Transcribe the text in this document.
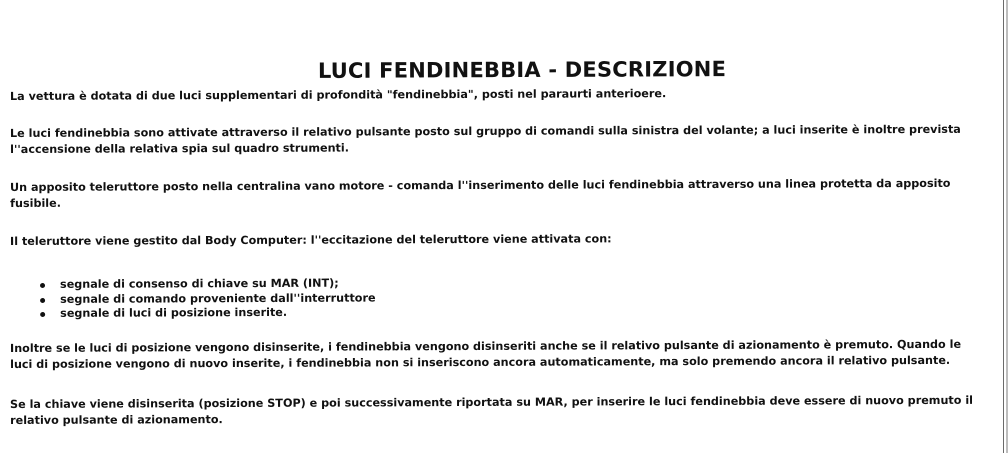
LUCI FENDINEBBIA - DESCRIZIONE

La vettura è dotata di due luci supplementari di profondità "fendinebbia", posti nel paraurti anterioere.

Le luci fendinebbia sono attivate attraverso il relativo pulsante posto sul gruppo di comandi sulla sinistra del volante; a luci inserite è inoltre prevista l''accensione della relativa spia sul quadro strumenti.

Un apposito teleruttore posto nella centralina vano motore - comanda l''inserimento delle luci fendinebbia attraverso una linea protetta da apposito fusibile.

Il teleruttore viene gestito dal Body Computer: l''eccitazione del teleruttore viene attivata con:

segnale di consenso di chiave su MAR (INT);
segnale di comando proveniente dall''interruttore
segnale di luci di posizione inserite.

Inoltre se le luci di posizione vengono disinserite, i fendinebbia vengono disinseriti anche se il relativo pulsante di azionamento è premuto. Quando le luci di posizione vengono di nuovo inserite, i fendinebbia non si inseriscono ancora automaticamente, ma solo premendo ancora il relativo pulsante.

Se la chiave viene disinserita (posizione STOP) e poi successivamente riportata su MAR, per inserire le luci fendinebbia deve essere di nuovo premuto il relativo pulsante di azionamento.
